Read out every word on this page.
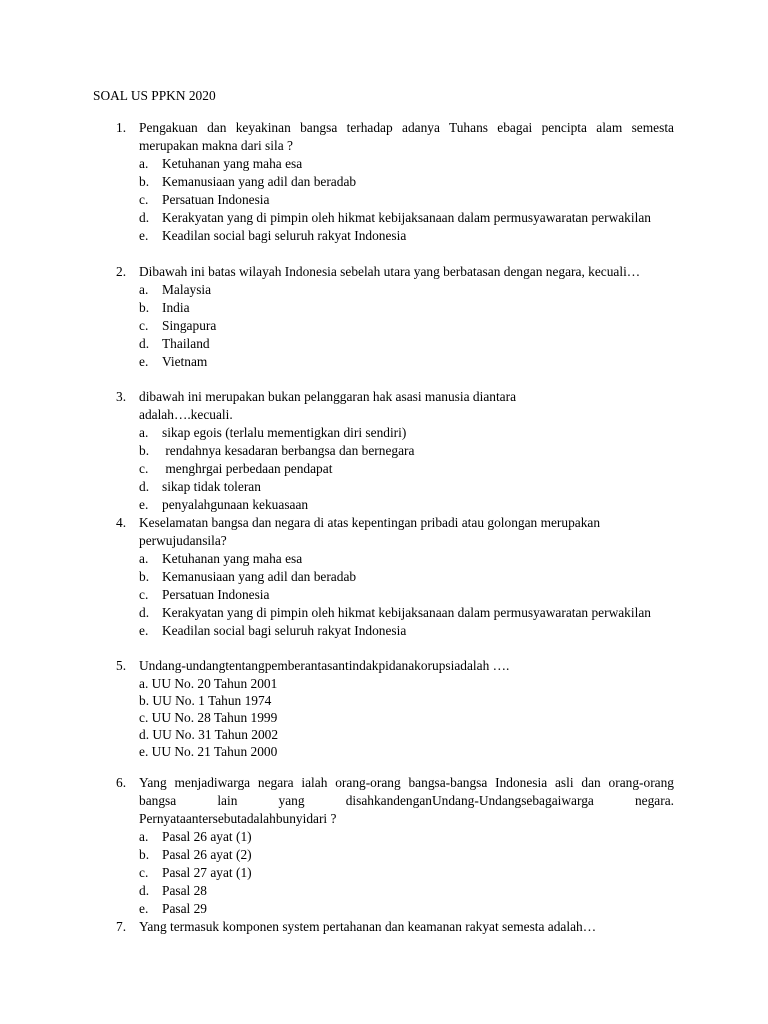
SOAL US PPKN 2020
1. Pengakuan dan keyakinan bangsa terhadap adanya Tuhans ebagai pencipta alam semesta merupakan makna dari sila ?
a. Ketuhanan yang maha esa
b. Kemanusiaan yang adil dan beradab
c. Persatuan Indonesia
d. Kerakyatan yang di pimpin oleh hikmat kebijaksanaan dalam permusyawaratan perwakilan
e. Keadilan social bagi seluruh rakyat Indonesia
2. Dibawah ini batas wilayah Indonesia sebelah utara yang berbatasan dengan negara, kecuali…
a. Malaysia
b. India
c. Singapura
d. Thailand
e. Vietnam
3. dibawah ini merupakan bukan pelanggaran hak asasi manusia diantara adalah….kecuali.
a. sikap egois (terlalu mementigkan diri sendiri)
b. rendahnya kesadaran berbangsa dan bernegara
c. menghrgai perbedaan pendapat
d. sikap tidak toleran
e. penyalahgunaan kekuasaan
4. Keselamatan bangsa dan negara di atas kepentingan pribadi atau golongan merupakan perwujudansila?
a. Ketuhanan yang maha esa
b. Kemanusiaan yang adil dan beradab
c. Persatuan Indonesia
d. Kerakyatan yang di pimpin oleh hikmat kebijaksanaan dalam permusyawaratan perwakilan
e. Keadilan social bagi seluruh rakyat Indonesia
5. Undang-undangtentangpemberantasantindakpidanakorupsiadalah ….
a. UU No. 20 Tahun 2001
b. UU No. 1 Tahun 1974
c. UU No. 28 Tahun 1999
d. UU No. 31 Tahun 2002
e. UU No. 21 Tahun 2000
6. Yang menjadiwarga negara ialah orang-orang bangsa-bangsa Indonesia asli dan orang-orang bangsa lain yang disahkandenganUndang-Undangsebagaiwarga negara. Pernyataantersebutadalahbunyidari ?
a. Pasal 26 ayat (1)
b. Pasal 26 ayat (2)
c. Pasal 27 ayat (1)
d. Pasal 28
e. Pasal 29
7. Yang termasuk komponen system pertahanan dan keamanan rakyat semesta adalah…
